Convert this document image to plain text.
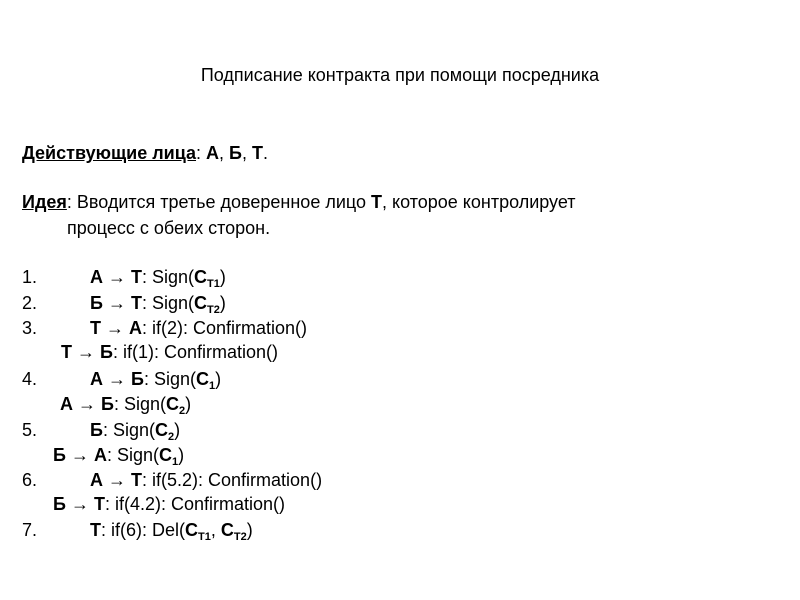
Подписание контракта при помощи посредника
Действующие лица: А, Б, Т.
Идея: Вводится третье доверенное лицо Т, которое контролирует
процесс с обеих сторон.
1.	А → Т: $Sign(С_{Т1})$
2.	Б → Т: $Sign(С_{Т2})$
3.	Т → А: if(2): Confirmation()
Т → Б: if(1): Confirmation()
4.	А → Б: $Sign(С_1)$
А → Б: $Sign(С_2)$
5.	Б: $Sign(С_2)$
Б → А: $Sign(С_1)$
6.	А → Т: if(5.2): Confirmation()
Б → Т: if(4.2): Confirmation()
7.	Т: if(6): $Del(С_{Т1}$, $С_{Т2}$)
